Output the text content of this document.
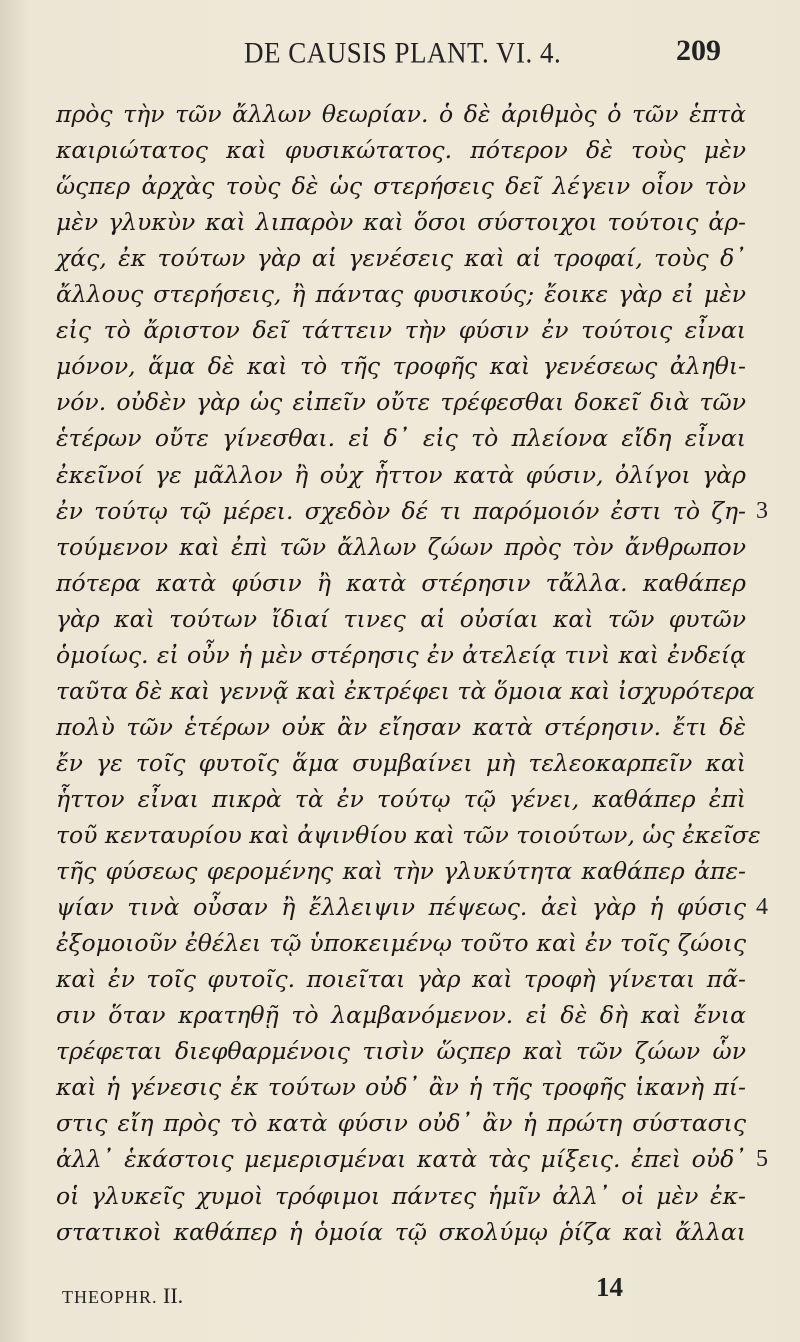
DE CAUSIS PLANT. VI. 4.	209
πρὸς τὴν τῶν ἄλλων θεωρίαν. ὁ δὲ ἀριθμὸς ὁ τῶν ἑπτὰ
καιριώτατος καὶ φυσικώτατος. πότερον δὲ τοὺς μὲν
ὥςπερ ἀρχὰς τοὺς δὲ ὡς στερήσεις δεῖ λέγειν οἷον τὸν
μὲν γλυκὺν καὶ λιπαρὸν καὶ ὅσοι σύστοιχοι τούτοις ἀρ-
χάς, ἐκ τούτων γὰρ αἱ γενέσεις καὶ αἱ τροφαί, τοὺς δ᾽
ἄλλους στερήσεις, ἢ πάντας φυσικούς; ἔοικε γὰρ εἰ μὲν
εἰς τὸ ἄριστον δεῖ τάττειν τὴν φύσιν ἐν τούτοις εἶναι
μόνον, ἅμα δὲ καὶ τὸ τῆς τροφῆς καὶ γενέσεως ἀληθι-
νόν. οὐδὲν γὰρ ὡς εἰπεῖν οὔτε τρέφεσθαι δοκεῖ διὰ τῶν
ἑτέρων οὔτε γίνεσθαι. εἰ δ᾽ εἰς τὸ πλείονα εἴδη εἶναι
ἐκεῖνοί γε μᾶλλον ἢ οὐχ ἧττον κατὰ φύσιν, ὀλίγοι γὰρ
ἐν τούτῳ τῷ μέρει. σχεδὸν δέ τι παρόμοιόν ἐστι τὸ ζη-
τούμενον καὶ ἐπὶ τῶν ἄλλων ζώων πρὸς τὸν ἄνθρωπον
πότερα κατὰ φύσιν ἢ κατὰ στέρησιν τἄλλα. καθάπερ
γὰρ καὶ τούτων ἴδιαί τινες αἱ οὐσίαι καὶ τῶν φυτῶν
ὁμοίως. εἰ οὖν ἡ μὲν στέρησις ἐν ἀτελείᾳ τινὶ καὶ ἐνδείᾳ
ταῦτα δὲ καὶ γεννᾷ καὶ ἐκτρέφει τὰ ὅμοια καὶ ἰσχυρότερα
πολὺ τῶν ἑτέρων οὐκ ἂν εἴησαν κατὰ στέρησιν. ἔτι δὲ
ἔν γε τοῖς φυτοῖς ἅμα συμβαίνει μὴ τελεοκαρπεῖν καὶ
ἧττον εἶναι πικρὰ τὰ ἐν τούτῳ τῷ γένει, καθάπερ ἐπὶ
τοῦ κενταυρίου καὶ ἀψινθίου καὶ τῶν τοιούτων, ὡς ἐκεῖσε
τῆς φύσεως φερομένης καὶ τὴν γλυκύτητα καθάπερ ἀπε-
ψίαν τινὰ οὖσαν ἢ ἔλλειψιν πέψεως. ἀεὶ γὰρ ἡ φύσις
ἐξομοιοῦν ἐθέλει τῷ ὑποκειμένῳ τοῦτο καὶ ἐν τοῖς ζώοις
καὶ ἐν τοῖς φυτοῖς. ποιεῖται γὰρ καὶ τροφὴ γίνεται πᾶ-
σιν ὅταν κρατηθῇ τὸ λαμβανόμενον. εἰ δὲ δὴ καὶ ἔνια
τρέφεται διεφθαρμένοις τισὶν ὥςπερ καὶ τῶν ζώων ὧν
καὶ ἡ γένεσις ἐκ τούτων οὐδ᾽ ἂν ἡ τῆς τροφῆς ἱκανὴ πί-
στις εἴη πρὸς τὸ κατὰ φύσιν οὐδ᾽ ἂν ἡ πρώτη σύστασις
ἀλλ᾽ ἑκάστοις μεμερισμέναι κατὰ τὰς μίξεις. ἐπεὶ οὐδ᾽
οἱ γλυκεῖς χυμοὶ τρόφιμοι πάντες ἡμῖν ἀλλ᾽ οἱ μὲν ἐκ-
στατικοὶ καθάπερ ἡ ὁμοία τῷ σκολύμῳ ῥίζα καὶ ἄλλαι
3
4
5
THEOPHR. II.	14
